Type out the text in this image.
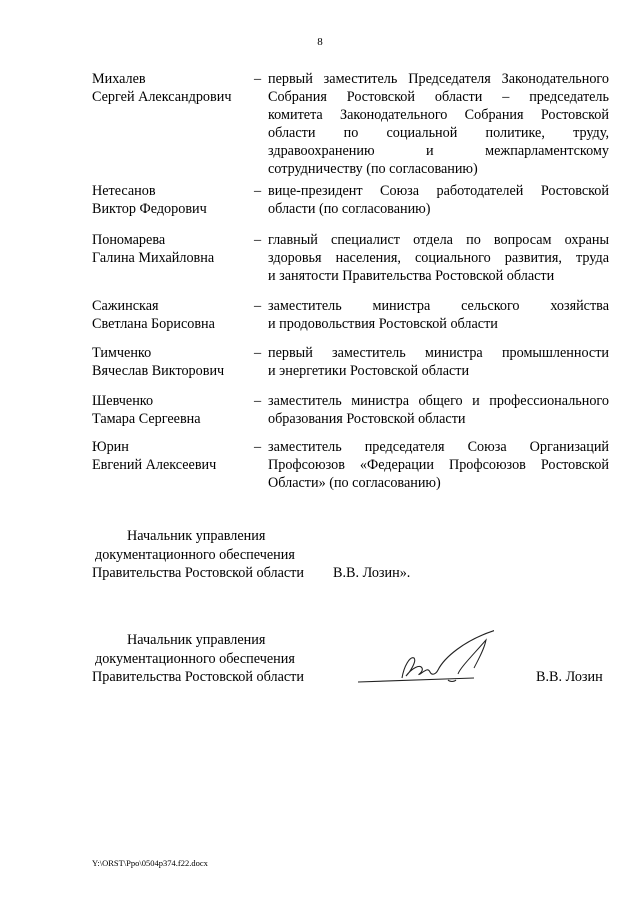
8
Михалев
Сергей Александрович
– первый заместитель Председателя Законодательного
Собрания Ростовской области – председатель
комитета Законодательного Собрания Ростовской
области по социальной политике, труду,
здравоохранению и межпарламентскому
сотрудничеству (по согласованию)
Нетесанов
Виктор Федорович
– вице-президент Союза работодателей Ростовской
области (по согласованию)
Пономарева
Галина Михайловна
– главный специалист отдела по вопросам охраны
здоровья населения, социального развития, труда
и занятости Правительства Ростовской области
Сажинская
Светлана Борисовна
– заместитель министра сельского хозяйства
и продовольствия Ростовской области
Тимченко
Вячеслав Викторович
– первый заместитель министра промышленности
и энергетики Ростовской области
Шевченко
Тамара Сергеевна
– заместитель министра общего и профессионального
образования Ростовской области
Юрин
Евгений Алексеевич
– заместитель председателя Союза Организаций
Профсоюзов «Федерации Профсоюзов Ростовской
Области» (по согласованию)
Начальник управления
документационного обеспечения
Правительства Ростовской области В.В. Лозин».
Начальник управления
документационного обеспечения
Правительства Ростовской области	В.В. Лозин
Y:\ORST\Ppo\0504p374.f22.docx
